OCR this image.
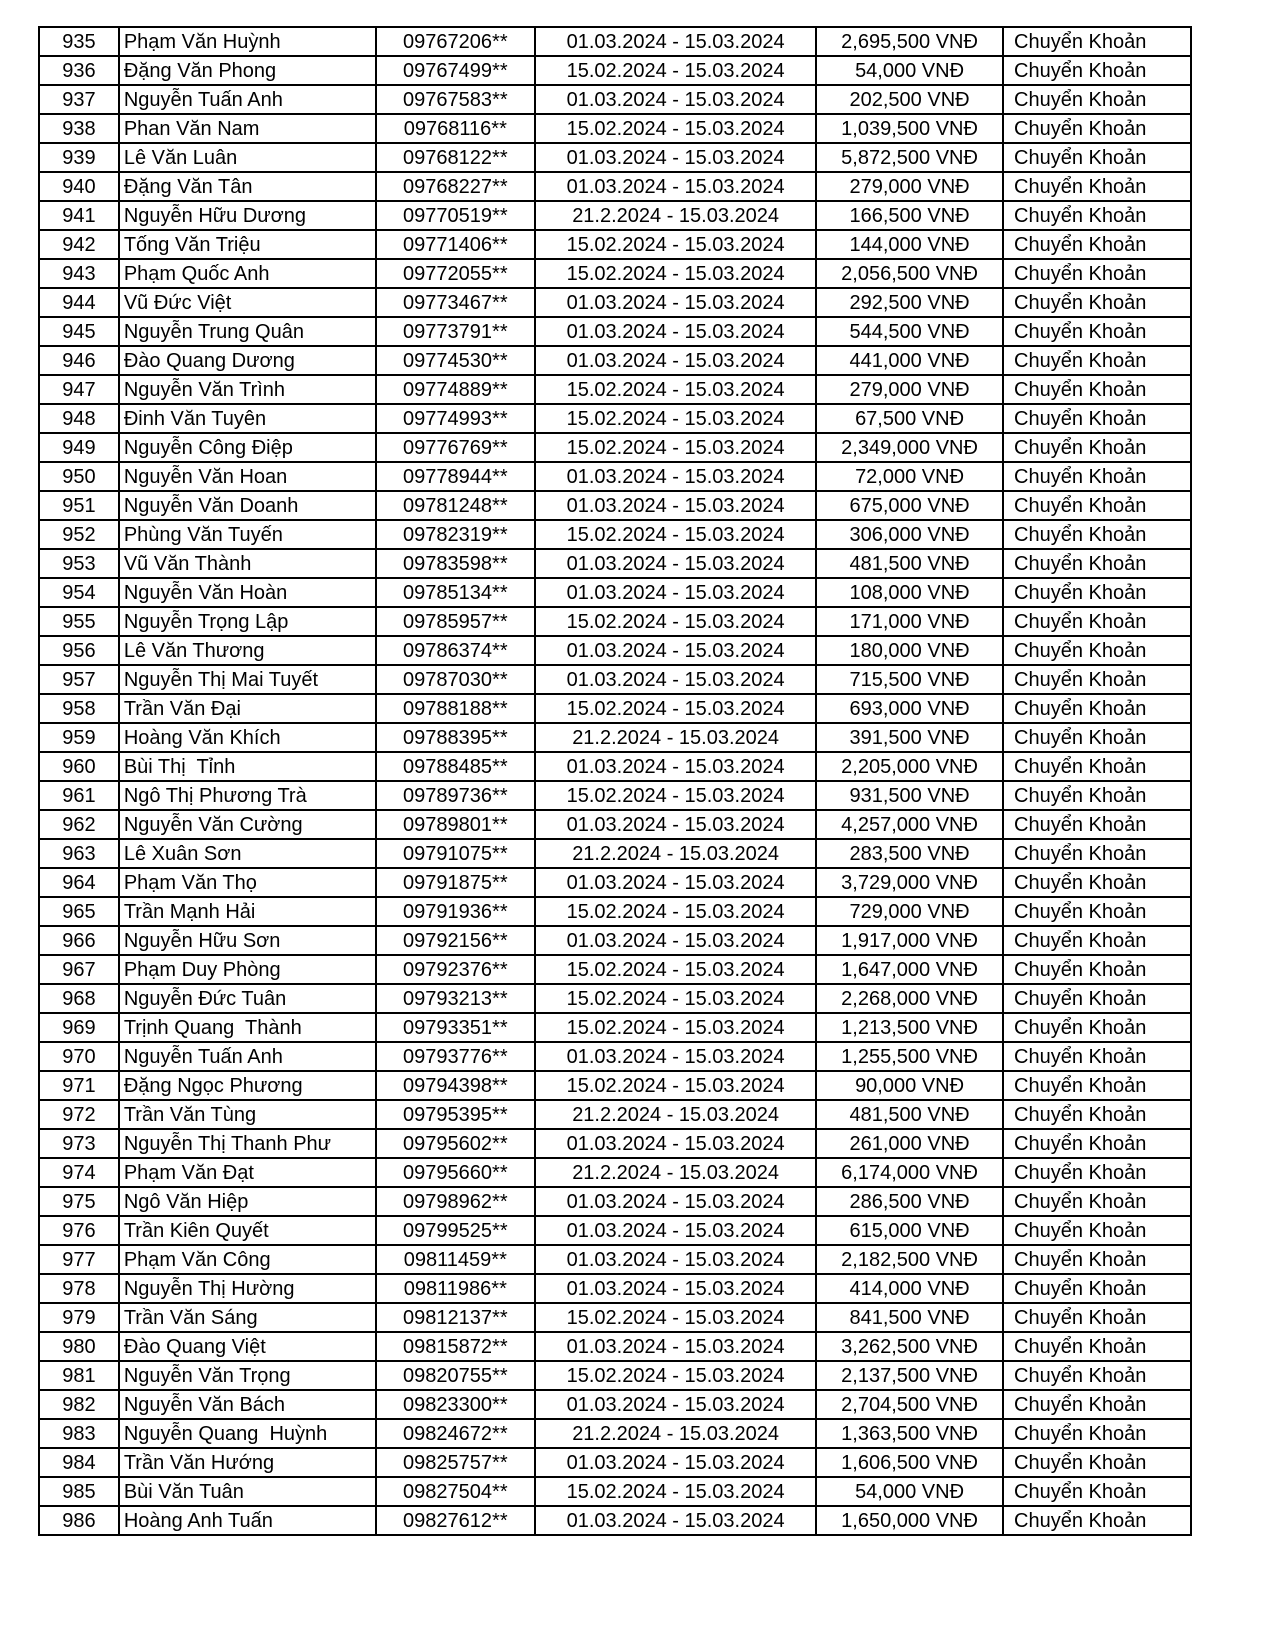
935	Phạm Văn Huỳnh	09767206**	01.03.2024 - 15.03.2024	2,695,500 VNĐ	Chuyển Khoản
936	Đặng Văn Phong	09767499**	15.02.2024 - 15.03.2024	54,000 VNĐ	Chuyển Khoản
937	Nguyễn Tuấn Anh	09767583**	01.03.2024 - 15.03.2024	202,500 VNĐ	Chuyển Khoản
938	Phan Văn Nam	09768116**	15.02.2024 - 15.03.2024	1,039,500 VNĐ	Chuyển Khoản
939	Lê Văn Luân	09768122**	01.03.2024 - 15.03.2024	5,872,500 VNĐ	Chuyển Khoản
940	Đặng Văn Tân	09768227**	01.03.2024 - 15.03.2024	279,000 VNĐ	Chuyển Khoản
941	Nguyễn Hữu Dương	09770519**	21.2.2024 - 15.03.2024	166,500 VNĐ	Chuyển Khoản
942	Tống Văn Triệu	09771406**	15.02.2024 - 15.03.2024	144,000 VNĐ	Chuyển Khoản
943	Phạm Quốc Anh	09772055**	15.02.2024 - 15.03.2024	2,056,500 VNĐ	Chuyển Khoản
944	Vũ Đức Việt	09773467**	01.03.2024 - 15.03.2024	292,500 VNĐ	Chuyển Khoản
945	Nguyễn Trung Quân	09773791**	01.03.2024 - 15.03.2024	544,500 VNĐ	Chuyển Khoản
946	Đào Quang Dương	09774530**	01.03.2024 - 15.03.2024	441,000 VNĐ	Chuyển Khoản
947	Nguyễn Văn Trình	09774889**	15.02.2024 - 15.03.2024	279,000 VNĐ	Chuyển Khoản
948	Đinh Văn Tuyên	09774993**	15.02.2024 - 15.03.2024	67,500 VNĐ	Chuyển Khoản
949	Nguyễn Công Điệp	09776769**	15.02.2024 - 15.03.2024	2,349,000 VNĐ	Chuyển Khoản
950	Nguyễn Văn Hoan	09778944**	01.03.2024 - 15.03.2024	72,000 VNĐ	Chuyển Khoản
951	Nguyễn Văn Doanh	09781248**	01.03.2024 - 15.03.2024	675,000 VNĐ	Chuyển Khoản
952	Phùng Văn Tuyến	09782319**	15.02.2024 - 15.03.2024	306,000 VNĐ	Chuyển Khoản
953	Vũ Văn Thành	09783598**	01.03.2024 - 15.03.2024	481,500 VNĐ	Chuyển Khoản
954	Nguyễn Văn Hoàn	09785134**	01.03.2024 - 15.03.2024	108,000 VNĐ	Chuyển Khoản
955	Nguyễn Trọng Lập	09785957**	15.02.2024 - 15.03.2024	171,000 VNĐ	Chuyển Khoản
956	Lê Văn Thương	09786374**	01.03.2024 - 15.03.2024	180,000 VNĐ	Chuyển Khoản
957	Nguyễn Thị Mai Tuyết	09787030**	01.03.2024 - 15.03.2024	715,500 VNĐ	Chuyển Khoản
958	Trần Văn Đại	09788188**	15.02.2024 - 15.03.2024	693,000 VNĐ	Chuyển Khoản
959	Hoàng Văn Khích	09788395**	21.2.2024 - 15.03.2024	391,500 VNĐ	Chuyển Khoản
960	Bùi Thị  Tỉnh	09788485**	01.03.2024 - 15.03.2024	2,205,000 VNĐ	Chuyển Khoản
961	Ngô Thị Phương Trà	09789736**	15.02.2024 - 15.03.2024	931,500 VNĐ	Chuyển Khoản
962	Nguyễn Văn Cường	09789801**	01.03.2024 - 15.03.2024	4,257,000 VNĐ	Chuyển Khoản
963	Lê Xuân Sơn	09791075**	21.2.2024 - 15.03.2024	283,500 VNĐ	Chuyển Khoản
964	Phạm Văn Thọ	09791875**	01.03.2024 - 15.03.2024	3,729,000 VNĐ	Chuyển Khoản
965	Trần Mạnh Hải	09791936**	15.02.2024 - 15.03.2024	729,000 VNĐ	Chuyển Khoản
966	Nguyễn Hữu Sơn	09792156**	01.03.2024 - 15.03.2024	1,917,000 VNĐ	Chuyển Khoản
967	Phạm Duy Phòng	09792376**	15.02.2024 - 15.03.2024	1,647,000 VNĐ	Chuyển Khoản
968	Nguyễn Đức Tuân	09793213**	15.02.2024 - 15.03.2024	2,268,000 VNĐ	Chuyển Khoản
969	Trịnh Quang  Thành	09793351**	15.02.2024 - 15.03.2024	1,213,500 VNĐ	Chuyển Khoản
970	Nguyễn Tuấn Anh	09793776**	01.03.2024 - 15.03.2024	1,255,500 VNĐ	Chuyển Khoản
971	Đặng Ngọc Phương	09794398**	15.02.2024 - 15.03.2024	90,000 VNĐ	Chuyển Khoản
972	Trần Văn Tùng	09795395**	21.2.2024 - 15.03.2024	481,500 VNĐ	Chuyển Khoản
973	Nguyễn Thị Thanh Phư	09795602**	01.03.2024 - 15.03.2024	261,000 VNĐ	Chuyển Khoản
974	Phạm Văn Đạt	09795660**	21.2.2024 - 15.03.2024	6,174,000 VNĐ	Chuyển Khoản
975	Ngô Văn Hiệp	09798962**	01.03.2024 - 15.03.2024	286,500 VNĐ	Chuyển Khoản
976	Trần Kiên Quyết	09799525**	01.03.2024 - 15.03.2024	615,000 VNĐ	Chuyển Khoản
977	Phạm Văn Công	09811459**	01.03.2024 - 15.03.2024	2,182,500 VNĐ	Chuyển Khoản
978	Nguyễn Thị Hường	09811986**	01.03.2024 - 15.03.2024	414,000 VNĐ	Chuyển Khoản
979	Trần Văn Sáng	09812137**	15.02.2024 - 15.03.2024	841,500 VNĐ	Chuyển Khoản
980	Đào Quang Việt	09815872**	01.03.2024 - 15.03.2024	3,262,500 VNĐ	Chuyển Khoản
981	Nguyễn Văn Trọng	09820755**	15.02.2024 - 15.03.2024	2,137,500 VNĐ	Chuyển Khoản
982	Nguyễn Văn Bách	09823300**	01.03.2024 - 15.03.2024	2,704,500 VNĐ	Chuyển Khoản
983	Nguyễn Quang  Huỳnh	09824672**	21.2.2024 - 15.03.2024	1,363,500 VNĐ	Chuyển Khoản
984	Trần Văn Hướng	09825757**	01.03.2024 - 15.03.2024	1,606,500 VNĐ	Chuyển Khoản
985	Bùi Văn Tuân	09827504**	15.02.2024 - 15.03.2024	54,000 VNĐ	Chuyển Khoản
986	Hoàng Anh Tuấn	09827612**	01.03.2024 - 15.03.2024	1,650,000 VNĐ	Chuyển Khoản
